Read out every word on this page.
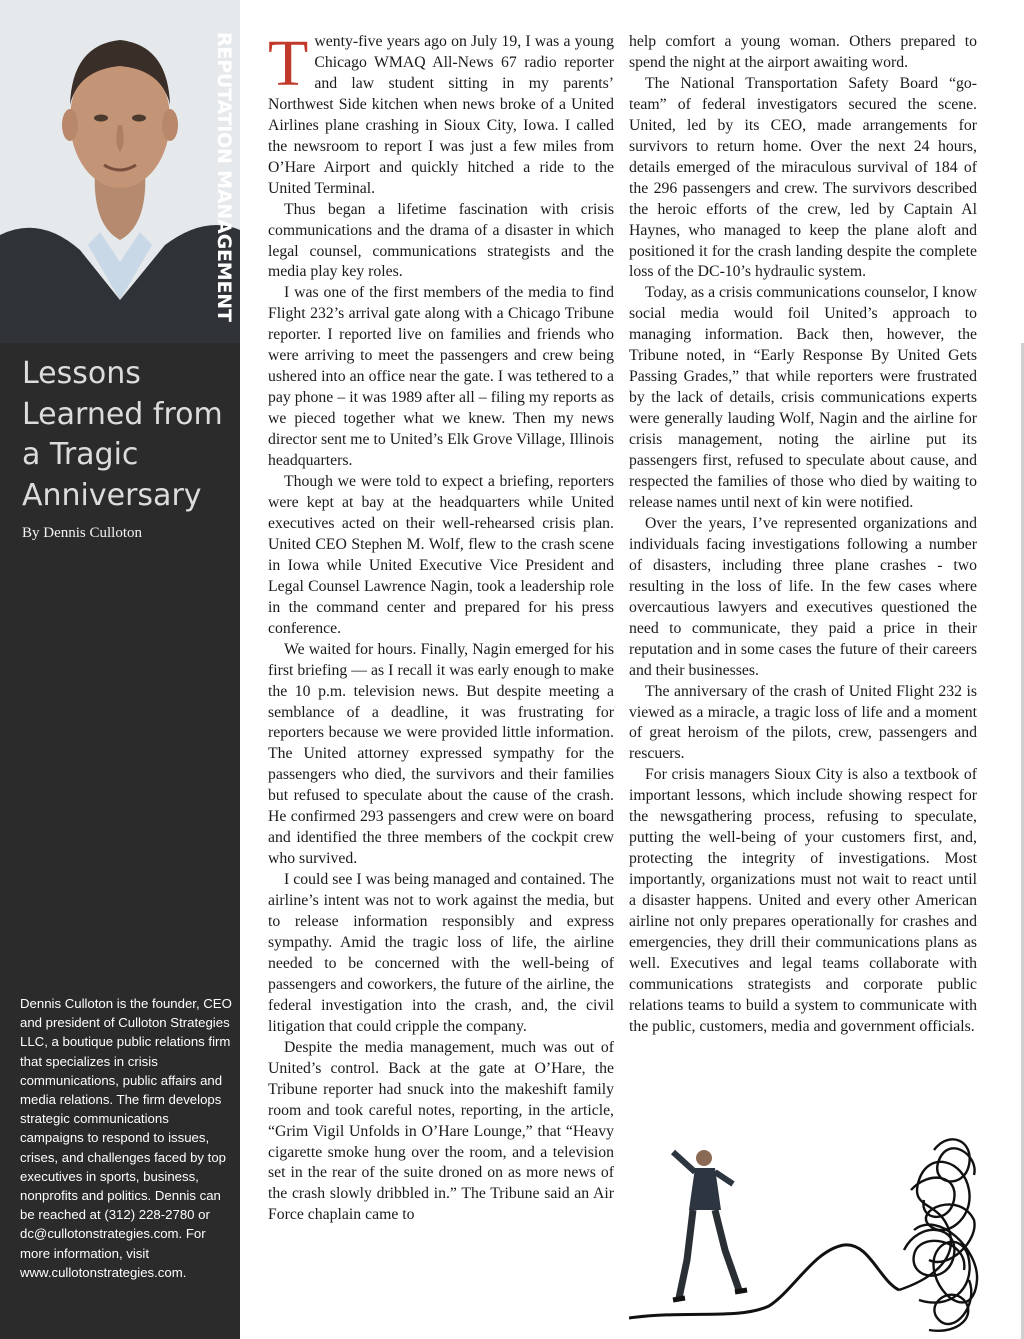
REPUTATION MANAGEMENT
Lessons Learned from a Tragic Anniversary
By Dennis Culloton

Dennis Culloton is the founder, CEO and president of Culloton Strategies LLC, a boutique public relations firm that specializes in crisis communications, public affairs and media relations. The firm develops strategic communications campaigns to respond to issues, crises, and challenges faced by top executives in sports, business, nonprofits and politics. Dennis can be reached at (312) 228-2780 or dc@cullotonstrategies.com. For more information, visit www.cullotonstrategies.com.

Twenty-five years ago on July 19, I was a young Chicago WMAQ All-News 67 radio reporter and law student sitting in my parents’ Northwest Side kitchen when news broke of a United Airlines plane crashing in Sioux City, Iowa. I called the newsroom to report I was just a few miles from O’Hare Airport and quickly hitched a ride to the United Terminal.

Thus began a lifetime fascination with crisis communications and the drama of a disaster in which legal counsel, communications strategists and the media play key roles.

I was one of the first members of the media to find Flight 232’s arrival gate along with a Chicago Tribune reporter. I reported live on families and friends who were arriving to meet the passengers and crew being ushered into an office near the gate. I was tethered to a pay phone – it was 1989 after all – filing my reports as we pieced together what we knew. Then my news director sent me to United’s Elk Grove Village, Illinois headquarters.

Though we were told to expect a briefing, reporters were kept at bay at the headquarters while United executives acted on their well-rehearsed crisis plan. United CEO Stephen M. Wolf, flew to the crash scene in Iowa while United Executive Vice President and Legal Counsel Lawrence Nagin, took a leadership role in the command center and prepared for his press conference.

We waited for hours. Finally, Nagin emerged for his first briefing — as I recall it was early enough to make the 10 p.m. television news. But despite meeting a semblance of a deadline, it was frustrating for reporters because we were provided little information. The United attorney expressed sympathy for the passengers who died, the survivors and their families but refused to speculate about the cause of the crash. He confirmed 293 passengers and crew were on board and identified the three members of the cockpit crew who survived.

I could see I was being managed and contained. The airline’s intent was not to work against the media, but to release information responsibly and express sympathy. Amid the tragic loss of life, the airline needed to be concerned with the well-being of passengers and coworkers, the future of the airline, the federal investigation into the crash, and, the civil litigation that could cripple the company.

Despite the media management, much was out of United’s control. Back at the gate at O’Hare, the Tribune reporter had snuck into the makeshift family room and took careful notes, reporting, in the article, “Grim Vigil Unfolds in O’Hare Lounge,” that “Heavy cigarette smoke hung over the room, and a television set in the rear of the suite droned on as more news of the crash slowly dribbled in.” The Tribune said an Air Force chaplain came to

help comfort a young woman. Others prepared to spend the night at the airport awaiting word.

The National Transportation Safety Board “go-team” of federal investigators secured the scene. United, led by its CEO, made arrangements for survivors to return home. Over the next 24 hours, details emerged of the miraculous survival of 184 of the 296 passengers and crew. The survivors described the heroic efforts of the crew, led by Captain Al Haynes, who managed to keep the plane aloft and positioned it for the crash landing despite the complete loss of the DC-10’s hydraulic system.

Today, as a crisis communications counselor, I know social media would foil United’s approach to managing information. Back then, however, the Tribune noted, in “Early Response By United Gets Passing Grades,” that while reporters were frustrated by the lack of details, crisis communications experts were generally lauding Wolf, Nagin and the airline for crisis management, noting the airline put its passengers first, refused to speculate about cause, and respected the families of those who died by waiting to release names until next of kin were notified.

Over the years, I’ve represented organizations and individuals facing investigations following a number of disasters, including three plane crashes - two resulting in the loss of life. In the few cases where overcautious lawyers and executives questioned the need to communicate, they paid a price in their reputation and in some cases the future of their careers and their businesses.

The anniversary of the crash of United Flight 232 is viewed as a miracle, a tragic loss of life and a moment of great heroism of the pilots, crew, passengers and rescuers.

For crisis managers Sioux City is also a textbook of important lessons, which include showing respect for the newsgathering process, refusing to speculate, putting the well-being of your customers first, and, protecting the integrity of investigations. Most importantly, organizations must not wait to react until a disaster happens. United and every other American airline not only prepares operationally for crashes and emergencies, they drill their communications plans as well. Executives and legal teams collaborate with communications strategists and corporate public relations teams to build a system to communicate with the public, customers, media and government officials.
